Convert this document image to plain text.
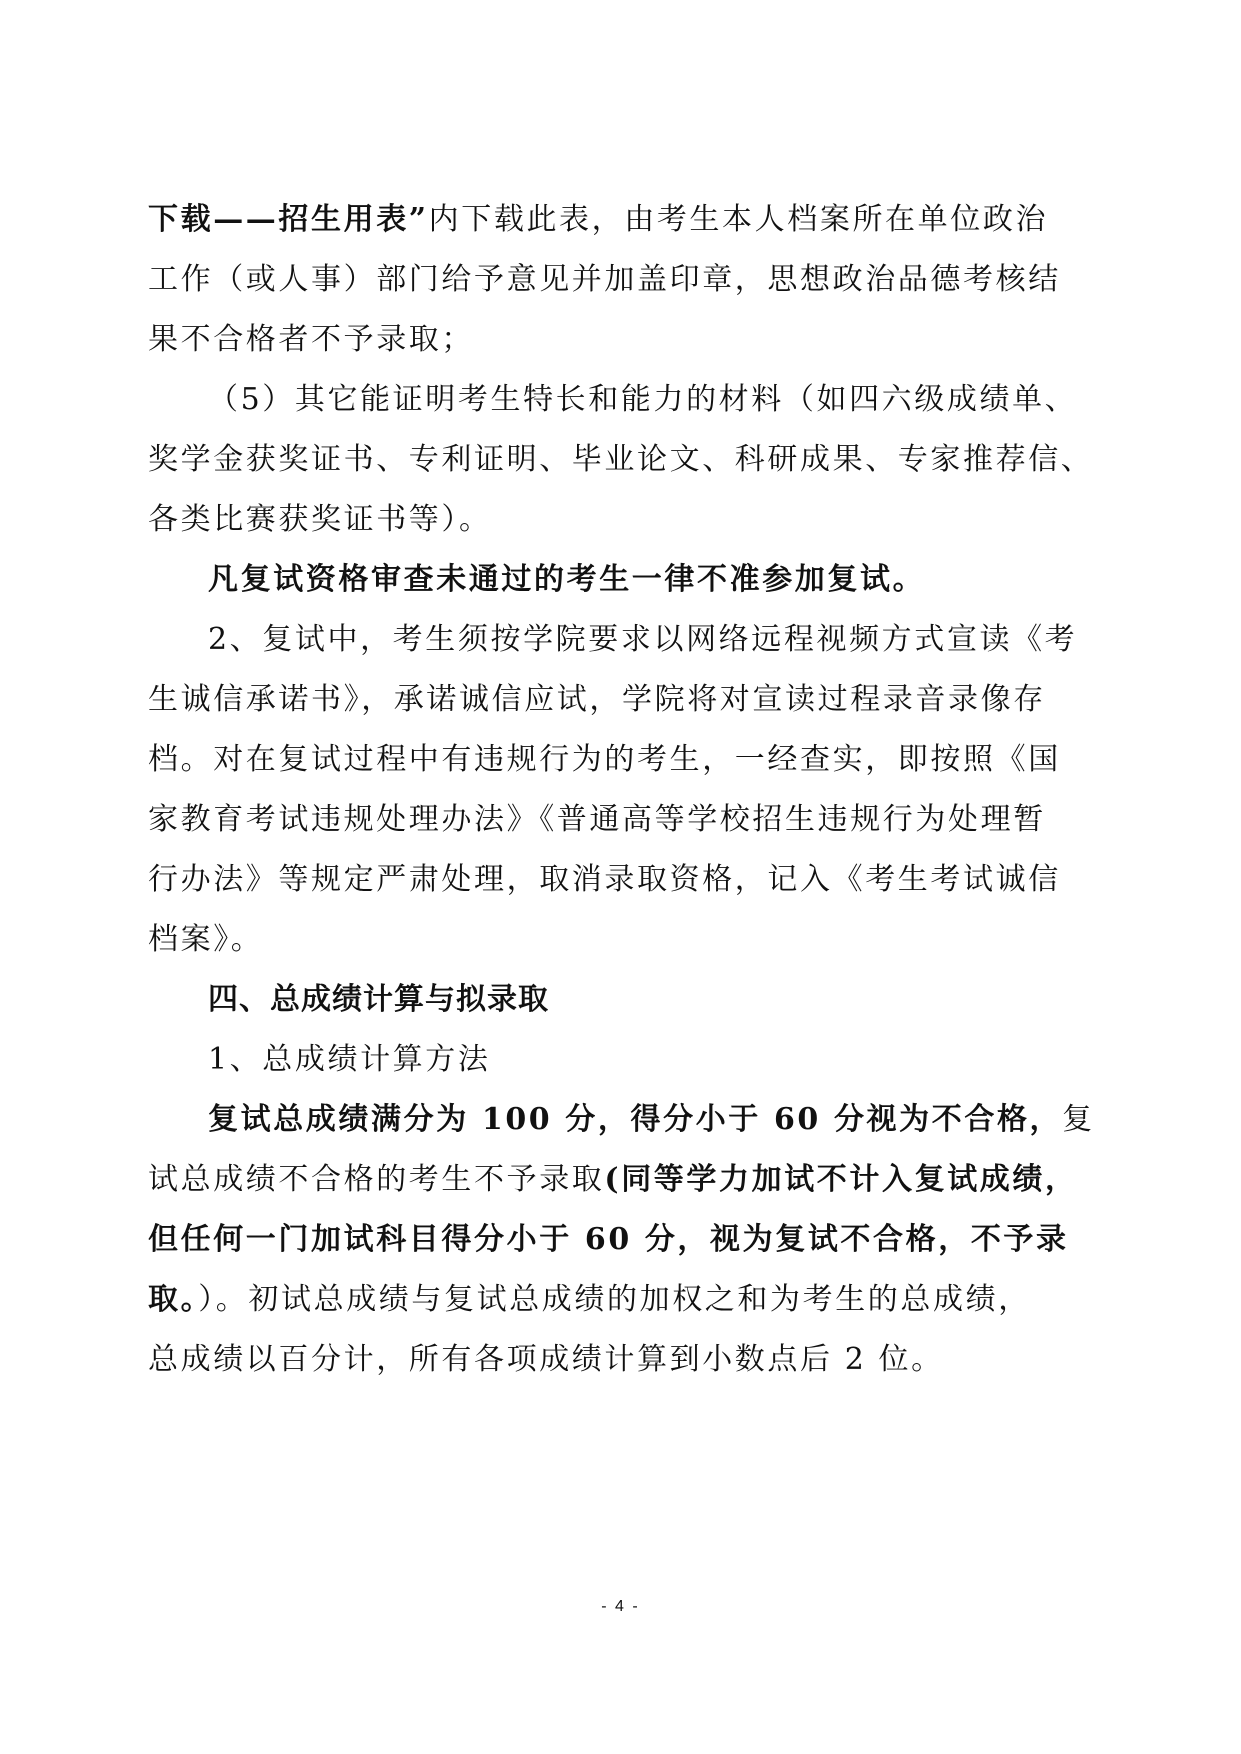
下载——招生用表”内下载此表，由考生本人档案所在单位政治
工作（或人事）部门给予意见并加盖印章，思想政治品德考核结
果不合格者不予录取；
（5）其它能证明考生特长和能力的材料（如四六级成绩单、
奖学金获奖证书、专利证明、毕业论文、科研成果、专家推荐信、
各类比赛获奖证书等）。
凡复试资格审查未通过的考生一律不准参加复试。
2、复试中，考生须按学院要求以网络远程视频方式宣读《考
生诚信承诺书》，承诺诚信应试，学院将对宣读过程录音录像存
档。对在复试过程中有违规行为的考生，一经查实，即按照《国
家教育考试违规处理办法》《普通高等学校招生违规行为处理暂
行办法》等规定严肃处理，取消录取资格，记入《考生考试诚信
档案》。
四、总成绩计算与拟录取
1、总成绩计算方法
复试总成绩满分为 100 分，得分小于 60 分视为不合格，复
试总成绩不合格的考生不予录取(同等学力加试不计入复试成绩，
但任何一门加试科目得分小于 60 分，视为复试不合格，不予录
取。）。初试总成绩与复试总成绩的加权之和为考生的总成绩，
总成绩以百分计，所有各项成绩计算到小数点后 2 位。
- 4 -
